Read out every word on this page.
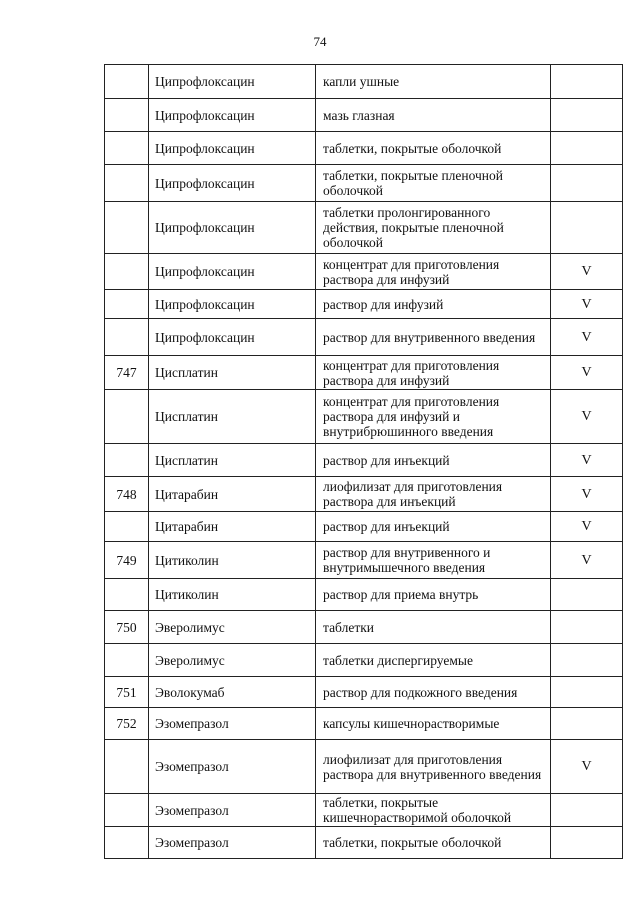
74
	Ципрофлоксацин	капли ушные	
	Ципрофлоксацин	мазь глазная	
	Ципрофлоксацин	таблетки, покрытые оболочкой	
	Ципрофлоксацин	таблетки, покрытые пленочной оболочкой	
	Ципрофлоксацин	таблетки пролонгированного действия, покрытые пленочной оболочкой	
	Ципрофлоксацин	концентрат для приготовления раствора для инфузий	V
	Ципрофлоксацин	раствор для инфузий	V
	Ципрофлоксацин	раствор для внутривенного введения	V
747	Цисплатин	концентрат для приготовления раствора для инфузий	V
	Цисплатин	концентрат для приготовления раствора для инфузий и внутрибрюшинного введения	V
	Цисплатин	раствор для инъекций	V
748	Цитарабин	лиофилизат для приготовления раствора для инъекций	V
	Цитарабин	раствор для инъекций	V
749	Цитиколин	раствор для внутривенного и внутримышечного введения	V
	Цитиколин	раствор для приема внутрь	
750	Эверолимус	таблетки	
	Эверолимус	таблетки диспергируемые	
751	Эволокумаб	раствор для подкожного введения	
752	Эзомепразол	капсулы кишечнорастворимые	
	Эзомепразол	лиофилизат для приготовления раствора для внутривенного введения	V
	Эзомепразол	таблетки, покрытые кишечнорастворимой оболочкой	
	Эзомепразол	таблетки, покрытые оболочкой	
